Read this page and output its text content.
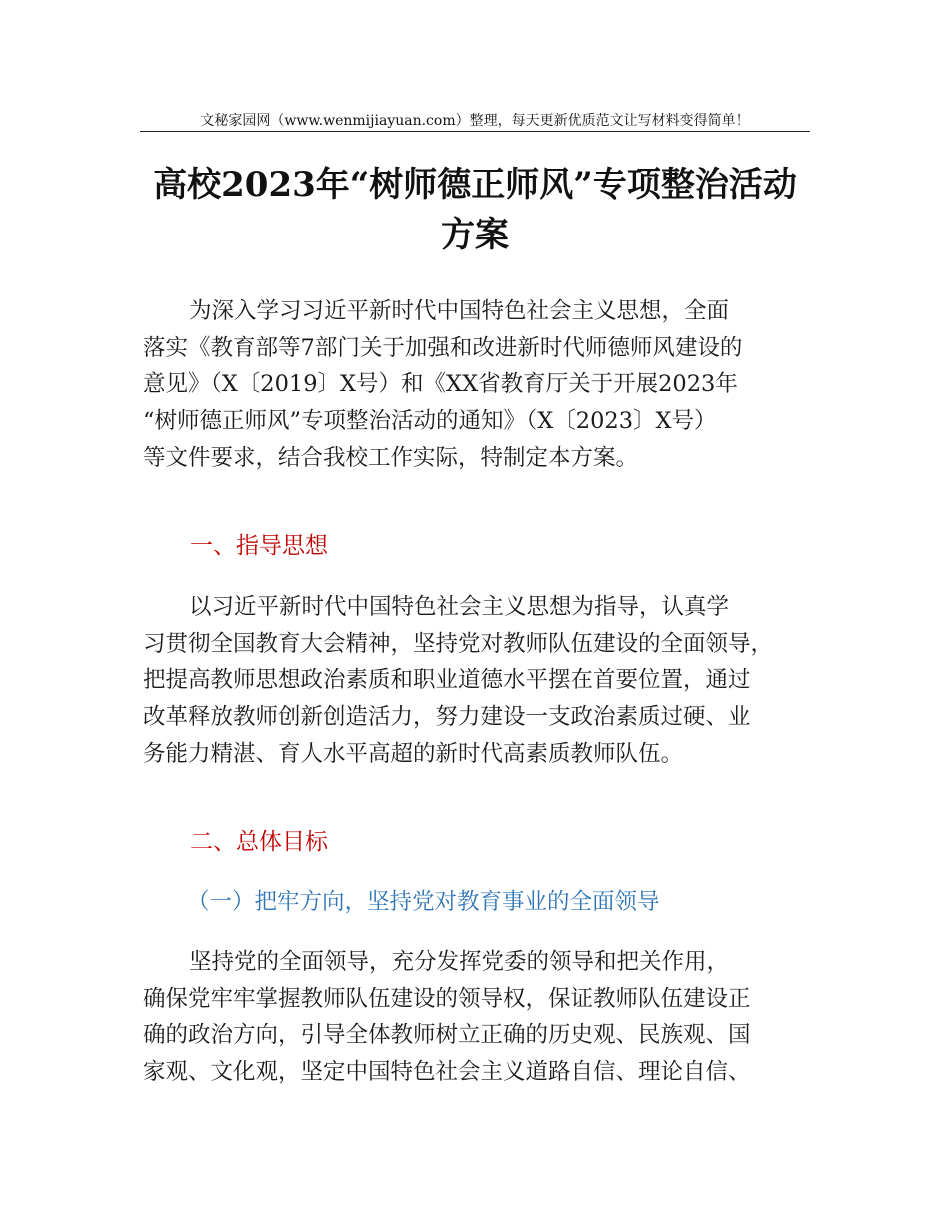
文秘家园网（www.wenmijiayuan.com）整理，每天更新优质范文让写材料变得简单！
高校2023年“树师德正师风”专项整治活动
方案
为深入学习习近平新时代中国特色社会主义思想，全面
落实《教育部等7部门关于加强和改进新时代师德师风建设的
意见》（X〔2019〕X号）和《XX省教育厅关于开展2023年
“树师德正师风”专项整治活动的通知》（X〔2023〕X号）
等文件要求，结合我校工作实际，特制定本方案。
一、指导思想
以习近平新时代中国特色社会主义思想为指导，认真学
习贯彻全国教育大会精神，坚持党对教师队伍建设的全面领导，
把提高教师思想政治素质和职业道德水平摆在首要位置，通过
改革释放教师创新创造活力，努力建设一支政治素质过硬、业
务能力精湛、育人水平高超的新时代高素质教师队伍。
二、总体目标
（一）把牢方向，坚持党对教育事业的全面领导
坚持党的全面领导，充分发挥党委的领导和把关作用，
确保党牢牢掌握教师队伍建设的领导权，保证教师队伍建设正
确的政治方向，引导全体教师树立正确的历史观、民族观、国
家观、文化观，坚定中国特色社会主义道路自信、理论自信、
